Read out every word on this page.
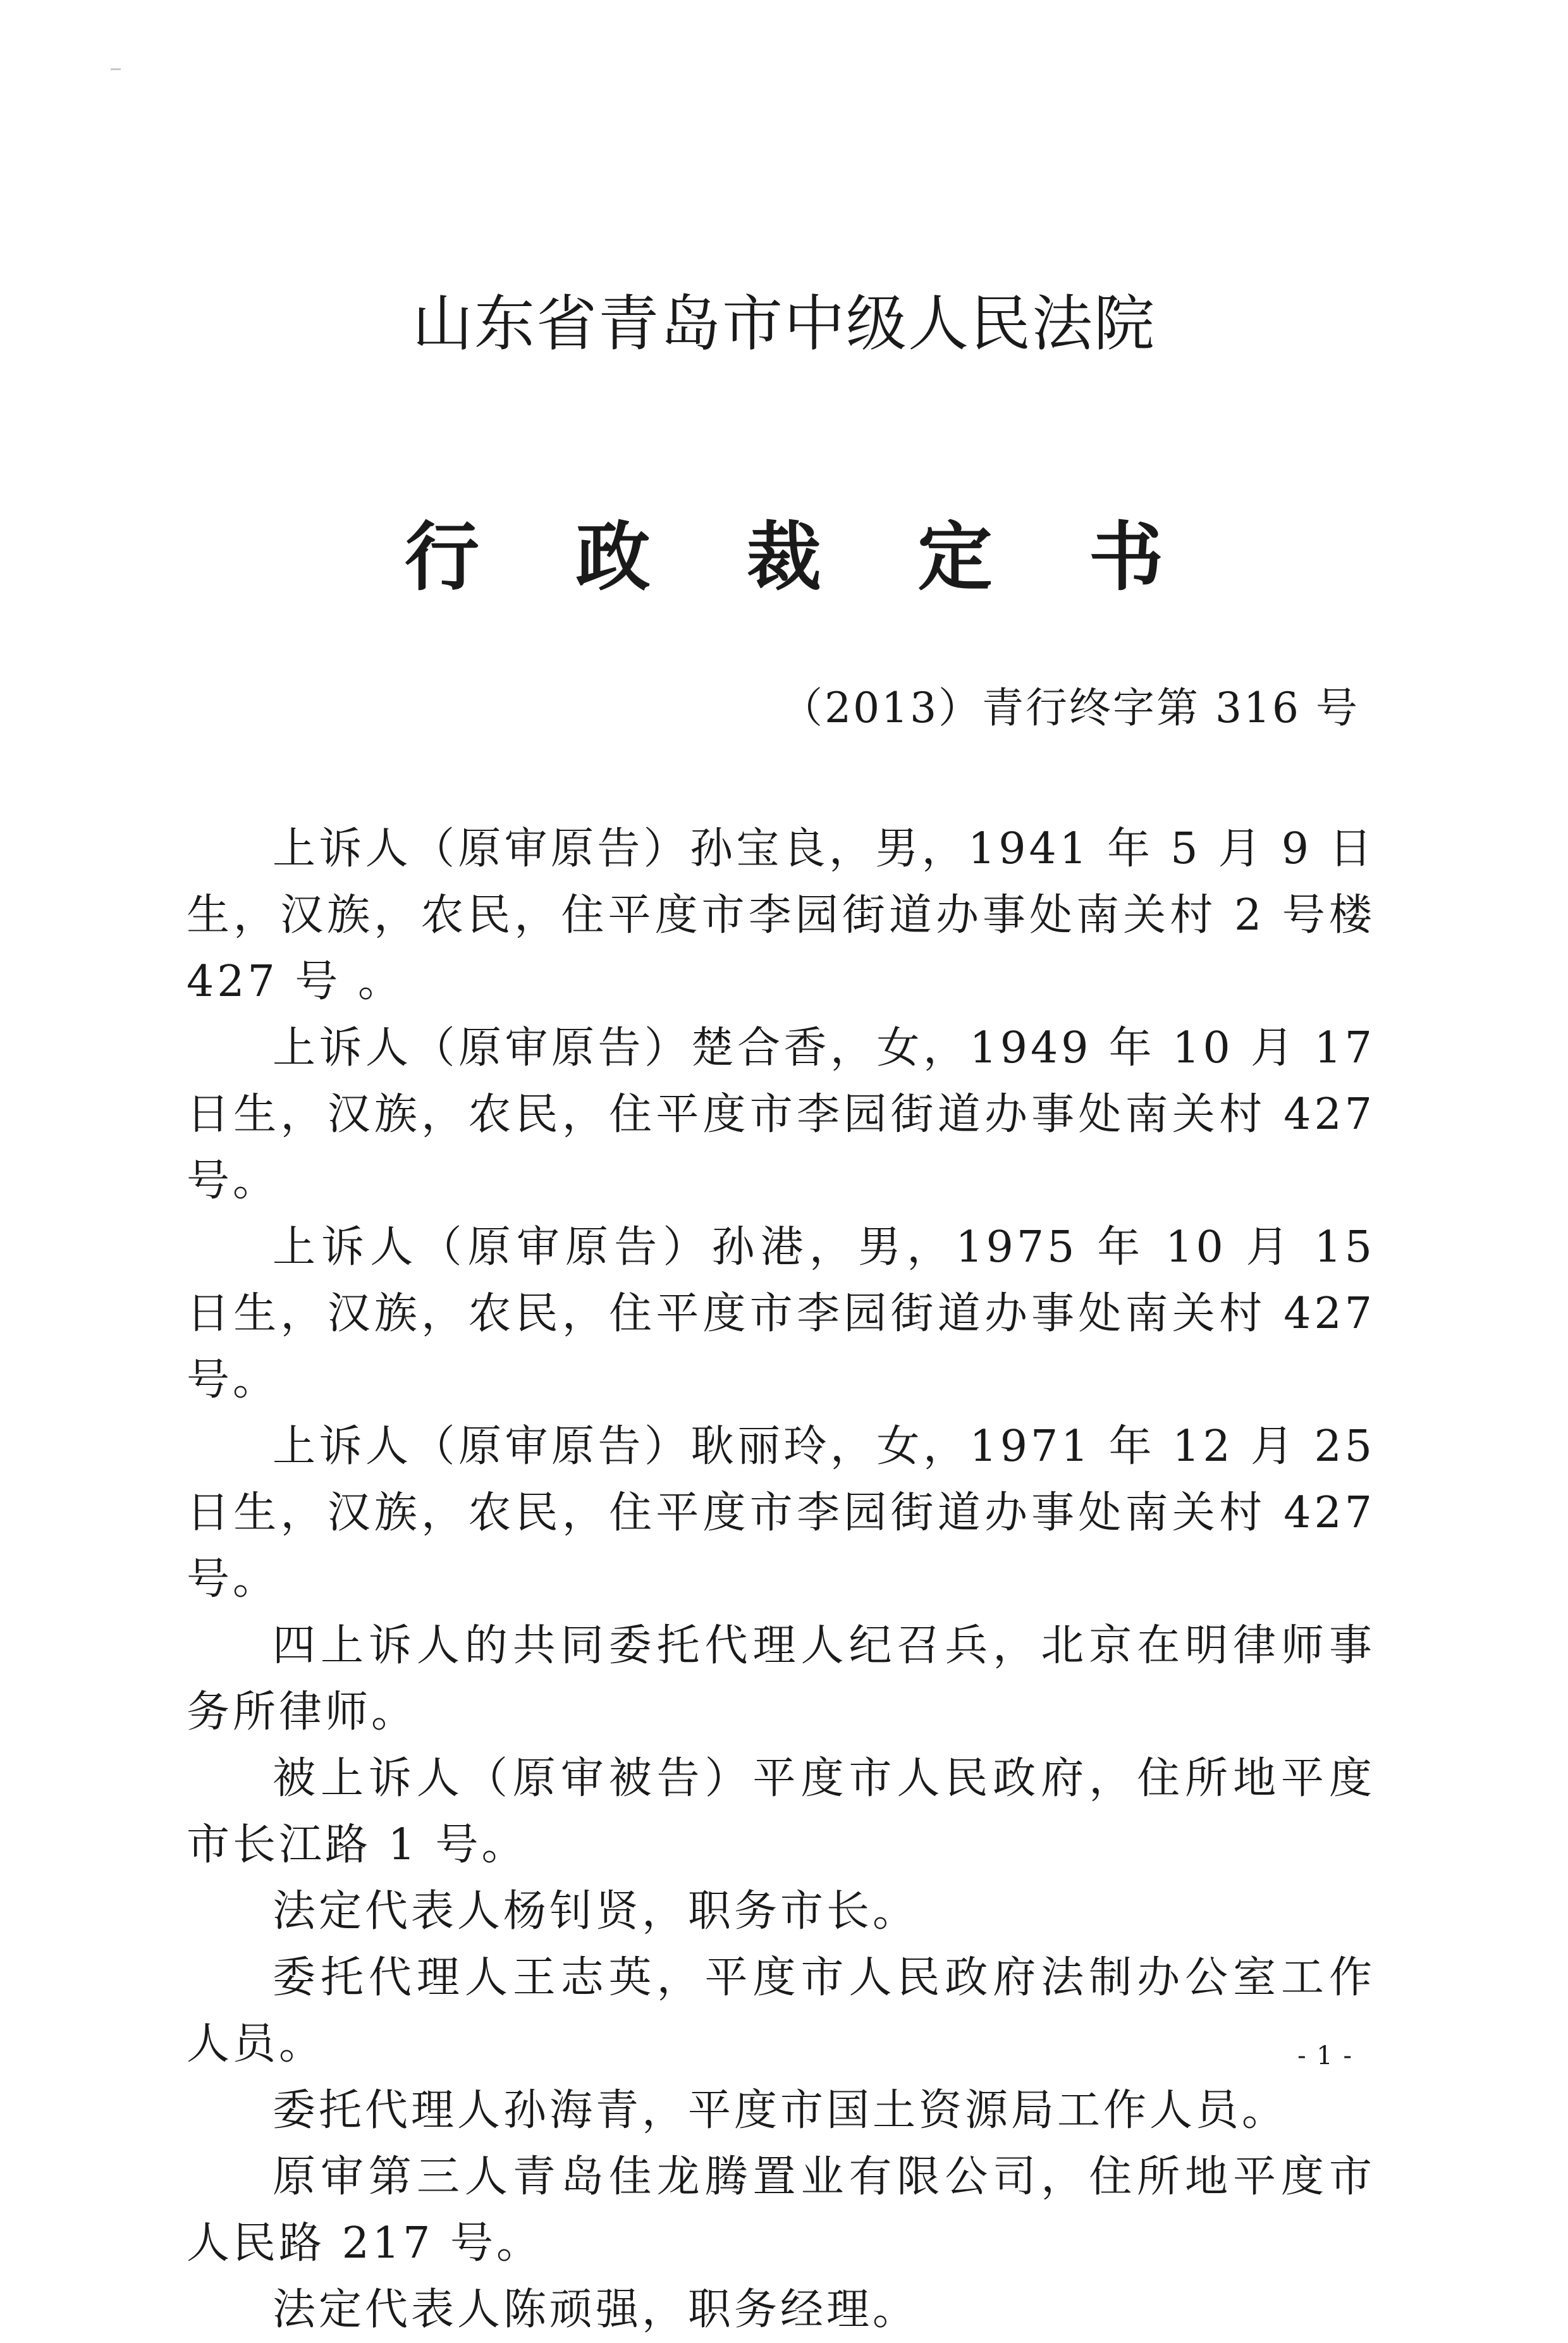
山东省青岛市中级人民法院
行 政 裁 定 书
（2013）青行终字第 316 号

上诉人（原审原告）孙宝良，男，1941 年 5 月 9 日生，汉族，农民，住平度市李园街道办事处南关村 2 号楼 427 号 。

上诉人（原审原告）楚合香，女，1949 年 10 月 17 日生，汉族，农民，住平度市李园街道办事处南关村 427 号。

上诉人（原审原告）孙港，男，1975 年 10 月 15 日生，汉族，农民，住平度市李园街道办事处南关村 427 号。

上诉人（原审原告）耿丽玲，女，1971 年 12 月 25 日生，汉族，农民，住平度市李园街道办事处南关村 427 号。

四上诉人的共同委托代理人纪召兵，北京在明律师事务所律师。

被上诉人（原审被告）平度市人民政府，住所地平度市长江路 1 号。

法定代表人杨钊贤，职务市长。

委托代理人王志英，平度市人民政府法制办公室工作人员。

委托代理人孙海青，平度市国土资源局工作人员。

原审第三人青岛佳龙腾置业有限公司，住所地平度市人民路 217 号。

法定代表人陈顽强，职务经理。

- 1 -
